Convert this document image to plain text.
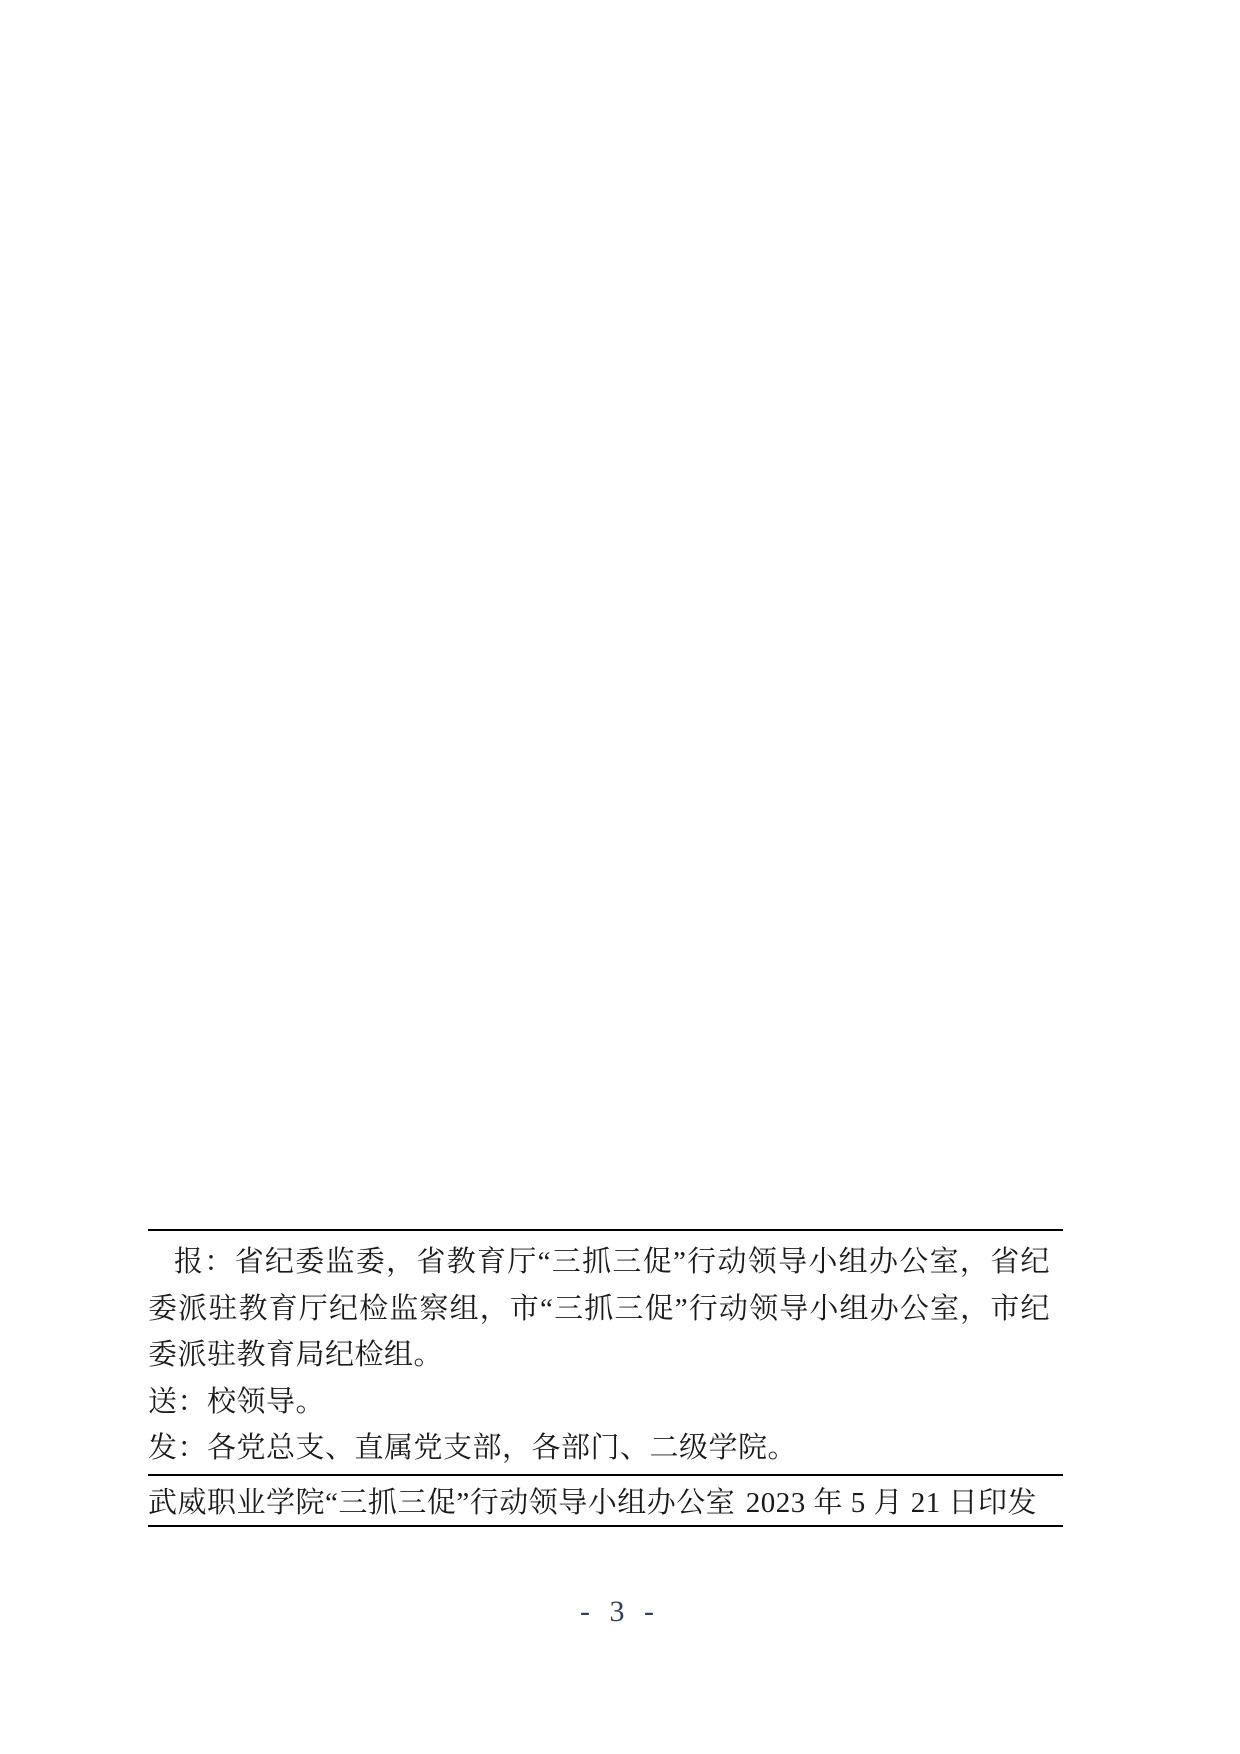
报：省纪委监委，省教育厅“三抓三促”行动领导小组办公室，省纪
委派驻教育厅纪检监察组，市“三抓三促”行动领导小组办公室，市纪
委派驻教育局纪检组。
送：校领导。
发：各党总支、直属党支部，各部门、二级学院。
武威职业学院“三抓三促”行动领导小组办公室 2023 年 5 月 21 日印发
- 3 -
